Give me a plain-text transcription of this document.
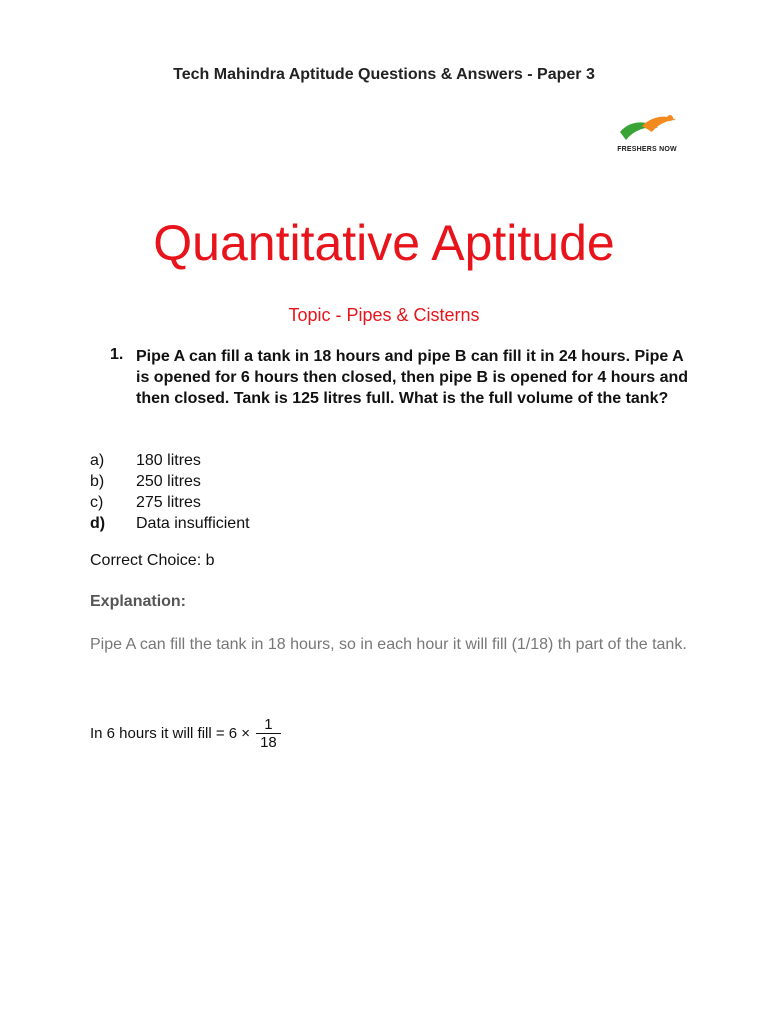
Tech Mahindra Aptitude Questions & Answers - Paper 3
FRESHERS NOW
Quantitative Aptitude
Topic - Pipes & Cisterns
1. Pipe A can fill a tank in 18 hours and pipe B can fill it in 24 hours. Pipe A is opened for 6 hours then closed, then pipe B is opened for 4 hours and then closed. Tank is 125 litres full. What is the full volume of the tank?
a)	180 litres
b)	250 litres
c)	275 litres
d)	Data insufficient
Correct Choice: b
Explanation:
Pipe A can fill the tank in 18 hours, so in each hour it will fill (1/18) th part of the tank.
In 6 hours it will fill = $6 \times \frac{1}{18}$
